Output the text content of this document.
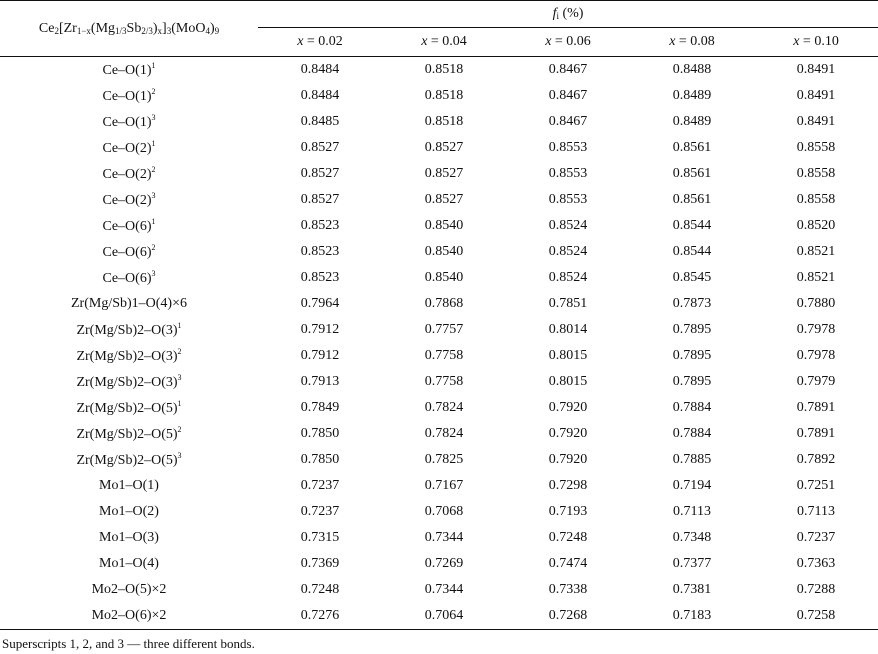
$Ce_2[Zr_{1-x}(Mg_{1/3}Sb_{2/3})_x]_3(MoO_4)_9$	$f_i$ (%)				
	x = 0.02	x = 0.04	x = 0.06	x = 0.08	x = 0.10
$Ce-O(1)^1$	0.8484	0.8518	0.8467	0.8488	0.8491
$Ce-O(1)^2$	0.8484	0.8518	0.8467	0.8489	0.8491
$Ce-O(1)^3$	0.8485	0.8518	0.8467	0.8489	0.8491
$Ce-O(2)^1$	0.8527	0.8527	0.8553	0.8561	0.8558
$Ce-O(2)^2$	0.8527	0.8527	0.8553	0.8561	0.8558
$Ce-O(2)^3$	0.8527	0.8527	0.8553	0.8561	0.8558
$Ce-O(6)^1$	0.8523	0.8540	0.8524	0.8544	0.8520
$Ce-O(6)^2$	0.8523	0.8540	0.8524	0.8544	0.8521
$Ce-O(6)^3$	0.8523	0.8540	0.8524	0.8545	0.8521
Zr(Mg/Sb)1–O(4)×6	0.7964	0.7868	0.7851	0.7873	0.7880
$Zr(Mg/Sb)2-O(3)^1$	0.7912	0.7757	0.8014	0.7895	0.7978
$Zr(Mg/Sb)2-O(3)^2$	0.7912	0.7758	0.8015	0.7895	0.7978
$Zr(Mg/Sb)2-O(3)^3$	0.7913	0.7758	0.8015	0.7895	0.7979
$Zr(Mg/Sb)2-O(5)^1$	0.7849	0.7824	0.7920	0.7884	0.7891
$Zr(Mg/Sb)2-O(5)^2$	0.7850	0.7824	0.7920	0.7884	0.7891
$Zr(Mg/Sb)2-O(5)^3$	0.7850	0.7825	0.7920	0.7885	0.7892
Mo1–O(1)	0.7237	0.7167	0.7298	0.7194	0.7251
Mo1–O(2)	0.7237	0.7068	0.7193	0.7113	0.7113
Mo1–O(3)	0.7315	0.7344	0.7248	0.7348	0.7237
Mo1–O(4)	0.7369	0.7269	0.7474	0.7377	0.7363
Mo2–O(5)×2	0.7248	0.7344	0.7338	0.7381	0.7288
Mo2–O(6)×2	0.7276	0.7064	0.7268	0.7183	0.7258
Superscripts 1, 2, and 3 — three different bonds.
